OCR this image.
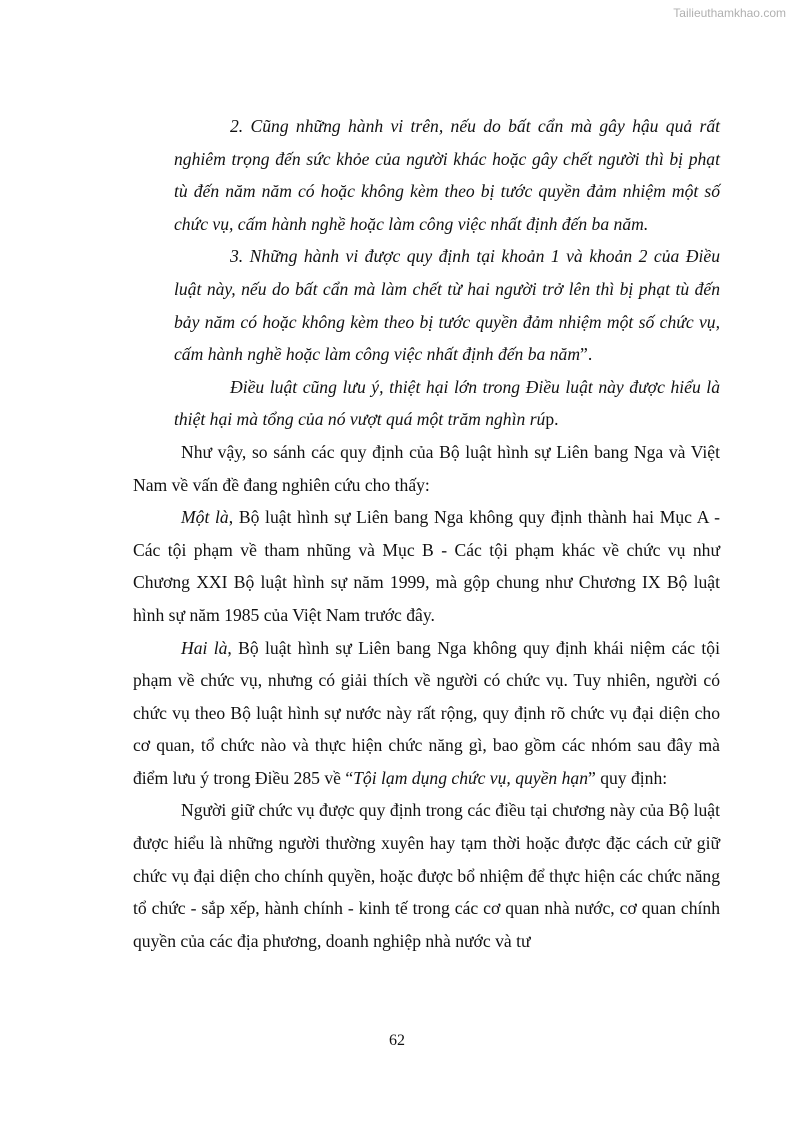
Tailieuthamkhao.com

2. Cũng những hành vi trên, nếu do bất cẩn mà gây hậu quả rất nghiêm trọng đến sức khỏe của người khác hoặc gây chết người thì bị phạt tù đến năm năm có hoặc không kèm theo bị tước quyền đảm nhiệm một số chức vụ, cấm hành nghề hoặc làm công việc nhất định đến ba năm.

3. Những hành vi được quy định tại khoản 1 và khoản 2 của Điều luật này, nếu do bất cẩn mà làm chết từ hai người trở lên thì bị phạt tù đến bảy năm có hoặc không kèm theo bị tước quyền đảm nhiệm một số chức vụ, cấm hành nghề hoặc làm công việc nhất định đến ba năm”.

Điều luật cũng lưu ý, thiệt hại lớn trong Điều luật này được hiểu là thiệt hại mà tổng của nó vượt quá một trăm nghìn rúp.

Như vậy, so sánh các quy định của Bộ luật hình sự Liên bang Nga và Việt Nam về vấn đề đang nghiên cứu cho thấy:

Một là, Bộ luật hình sự Liên bang Nga không quy định thành hai Mục A - Các tội phạm về tham nhũng và Mục B - Các tội phạm khác về chức vụ như Chương XXI Bộ luật hình sự năm 1999, mà gộp chung như Chương IX Bộ luật hình sự năm 1985 của Việt Nam trước đây.

Hai là, Bộ luật hình sự Liên bang Nga không quy định khái niệm các tội phạm về chức vụ, nhưng có giải thích về người có chức vụ. Tuy nhiên, người có chức vụ theo Bộ luật hình sự nước này rất rộng, quy định rõ chức vụ đại diện cho cơ quan, tổ chức nào và thực hiện chức năng gì, bao gồm các nhóm sau đây mà điểm lưu ý trong Điều 285 về “Tội lạm dụng chức vụ, quyền hạn” quy định:

Người giữ chức vụ được quy định trong các điều tại chương này của Bộ luật được hiểu là những người thường xuyên hay tạm thời hoặc được đặc cách cử giữ chức vụ đại diện cho chính quyền, hoặc được bổ nhiệm để thực hiện các chức năng tổ chức - sắp xếp, hành chính - kinh tế trong các cơ quan nhà nước, cơ quan chính quyền của các địa phương, doanh nghiệp nhà nước và tư

62
